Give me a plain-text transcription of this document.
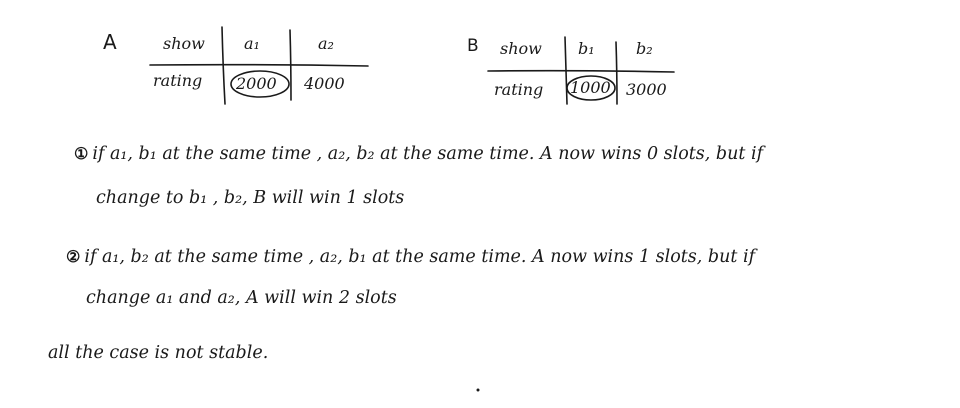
A	show a₁	a₂
rating 2000 4000
B show b₁	b₂
rating 1000 3000
① if a₁, b₁ at the same time , a₂, b₂ at the same time. A now wins 0 slots, but if
change to b₁ , b₂, B will win 1 slots
② if a₁, b₂ at the same time , a₂, b₁ at the same time. A now wins 1 slots, but if
change a₁ and a₂, A will win 2 slots
all the case is not stable.
